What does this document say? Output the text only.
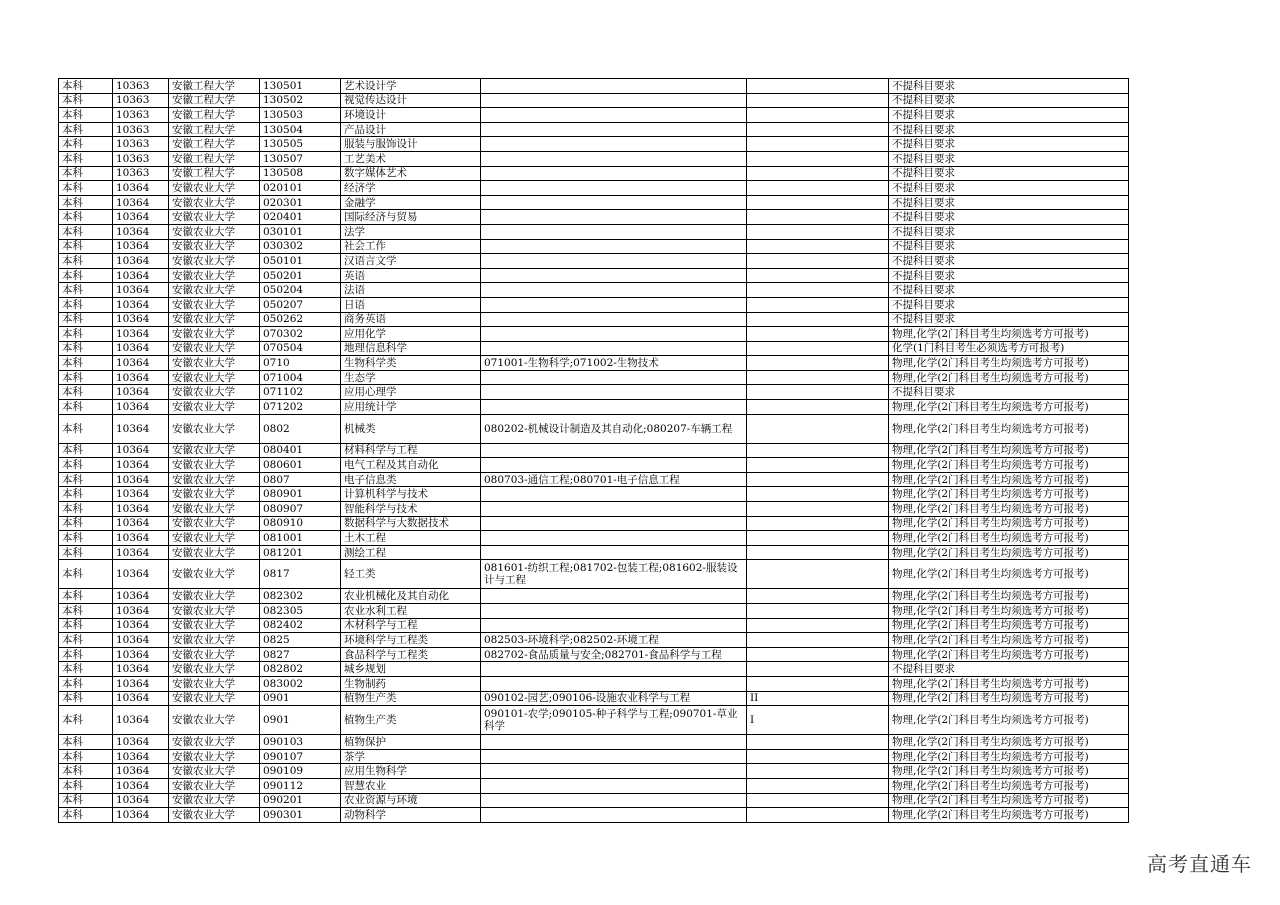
本科	10363	安徽工程大学	130501	艺术设计学			不提科目要求
本科	10363	安徽工程大学	130502	视觉传达设计			不提科目要求
本科	10363	安徽工程大学	130503	环境设计			不提科目要求
本科	10363	安徽工程大学	130504	产品设计			不提科目要求
本科	10363	安徽工程大学	130505	服装与服饰设计			不提科目要求
本科	10363	安徽工程大学	130507	工艺美术			不提科目要求
本科	10363	安徽工程大学	130508	数字媒体艺术			不提科目要求
本科	10364	安徽农业大学	020101	经济学			不提科目要求
本科	10364	安徽农业大学	020301	金融学			不提科目要求
本科	10364	安徽农业大学	020401	国际经济与贸易			不提科目要求
本科	10364	安徽农业大学	030101	法学			不提科目要求
本科	10364	安徽农业大学	030302	社会工作			不提科目要求
本科	10364	安徽农业大学	050101	汉语言文学			不提科目要求
本科	10364	安徽农业大学	050201	英语			不提科目要求
本科	10364	安徽农业大学	050204	法语			不提科目要求
本科	10364	安徽农业大学	050207	日语			不提科目要求
本科	10364	安徽农业大学	050262	商务英语			不提科目要求
本科	10364	安徽农业大学	070302	应用化学			物理,化学(2门科目考生均须选考方可报考)
本科	10364	安徽农业大学	070504	地理信息科学			化学(1门科目考生必须选考方可报考)
本科	10364	安徽农业大学	0710	生物科学类	071001-生物科学;071002-生物技术		物理,化学(2门科目考生均须选考方可报考)
本科	10364	安徽农业大学	071004	生态学			物理,化学(2门科目考生均须选考方可报考)
本科	10364	安徽农业大学	071102	应用心理学			不提科目要求
本科	10364	安徽农业大学	071202	应用统计学			物理,化学(2门科目考生均须选考方可报考)
本科	10364	安徽农业大学	0802	机械类	080202-机械设计制造及其自动化;080207-车辆工程		物理,化学(2门科目考生均须选考方可报考)
本科	10364	安徽农业大学	080401	材料科学与工程			物理,化学(2门科目考生均须选考方可报考)
本科	10364	安徽农业大学	080601	电气工程及其自动化			物理,化学(2门科目考生均须选考方可报考)
本科	10364	安徽农业大学	0807	电子信息类	080703-通信工程;080701-电子信息工程		物理,化学(2门科目考生均须选考方可报考)
本科	10364	安徽农业大学	080901	计算机科学与技术			物理,化学(2门科目考生均须选考方可报考)
本科	10364	安徽农业大学	080907	智能科学与技术			物理,化学(2门科目考生均须选考方可报考)
本科	10364	安徽农业大学	080910	数据科学与大数据技术			物理,化学(2门科目考生均须选考方可报考)
本科	10364	安徽农业大学	081001	土木工程			物理,化学(2门科目考生均须选考方可报考)
本科	10364	安徽农业大学	081201	测绘工程			物理,化学(2门科目考生均须选考方可报考)
本科	10364	安徽农业大学	0817	轻工类	081601-纺织工程;081702-包装工程;081602-服装设计与工程		物理,化学(2门科目考生均须选考方可报考)
本科	10364	安徽农业大学	082302	农业机械化及其自动化			物理,化学(2门科目考生均须选考方可报考)
本科	10364	安徽农业大学	082305	农业水利工程			物理,化学(2门科目考生均须选考方可报考)
本科	10364	安徽农业大学	082402	木材科学与工程			物理,化学(2门科目考生均须选考方可报考)
本科	10364	安徽农业大学	0825	环境科学与工程类	082503-环境科学;082502-环境工程		物理,化学(2门科目考生均须选考方可报考)
本科	10364	安徽农业大学	0827	食品科学与工程类	082702-食品质量与安全;082701-食品科学与工程		物理,化学(2门科目考生均须选考方可报考)
本科	10364	安徽农业大学	082802	城乡规划			不提科目要求
本科	10364	安徽农业大学	083002	生物制药			物理,化学(2门科目考生均须选考方可报考)
本科	10364	安徽农业大学	0901	植物生产类	090102-园艺;090106-设施农业科学与工程	II	物理,化学(2门科目考生均须选考方可报考)
本科	10364	安徽农业大学	0901	植物生产类	090101-农学;090105-种子科学与工程;090701-草业科学	I	物理,化学(2门科目考生均须选考方可报考)
本科	10364	安徽农业大学	090103	植物保护			物理,化学(2门科目考生均须选考方可报考)
本科	10364	安徽农业大学	090107	茶学			物理,化学(2门科目考生均须选考方可报考)
本科	10364	安徽农业大学	090109	应用生物科学			物理,化学(2门科目考生均须选考方可报考)
本科	10364	安徽农业大学	090112	智慧农业			物理,化学(2门科目考生均须选考方可报考)
本科	10364	安徽农业大学	090201	农业资源与环境			物理,化学(2门科目考生均须选考方可报考)
本科	10364	安徽农业大学	090301	动物科学			物理,化学(2门科目考生均须选考方可报考)
高考直通车
